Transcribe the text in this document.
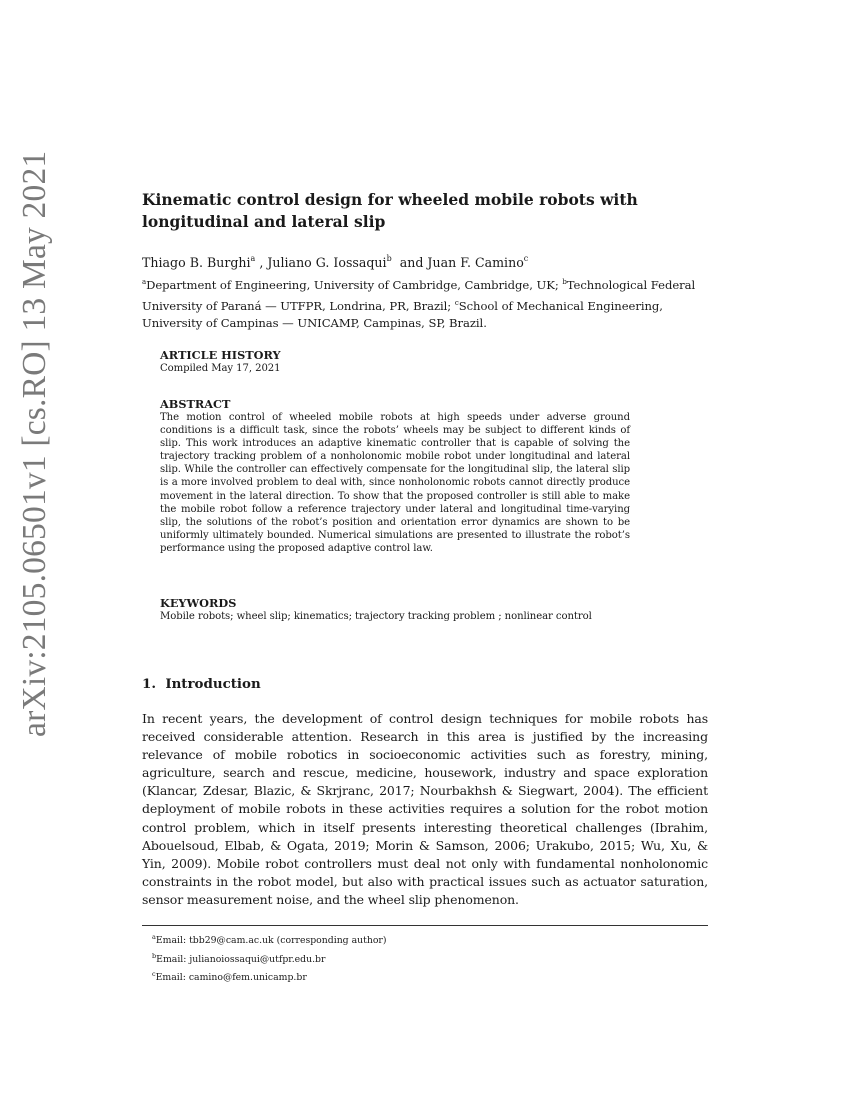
arXiv:2105.06501v1 [cs.RO] 13 May 2021	Kinematic control design for wheeled mobile robots with longitudinal and lateral slip
Thiago B. Burghi$^a$ , Juliano G. Iossaqui$^b$  and Juan F. Camino$^c$
$^a$Department of Engineering, University of Cambridge, Cambridge, UK; $^b$Technological Federal University of Paraná — UTFPR, Londrina, PR, Brazil; $^c$School of Mechanical Engineering, University of Campinas — UNICAMP, Campinas, SP, Brazil.
ARTICLE HISTORY
Compiled May 17, 2021
ABSTRACT
The motion control of wheeled mobile robots at high speeds under adverse ground conditions is a difficult task, since the robots’ wheels may be subject to different kinds of slip. This work introduces an adaptive kinematic controller that is capable of solving the trajectory tracking problem of a nonholonomic mobile robot under longitudinal and lateral slip. While the controller can effectively compensate for the longitudinal slip, the lateral slip is a more involved problem to deal with, since nonholonomic robots cannot directly produce movement in the lateral direction. To show that the proposed controller is still able to make the mobile robot follow a reference trajectory under lateral and longitudinal time-varying slip, the solutions of the robot’s position and orientation error dynamics are shown to be uniformly ultimately bounded. Numerical simulations are presented to illustrate the robot’s performance using the proposed adaptive control law.
KEYWORDS
Mobile robots; wheel slip; kinematics; trajectory tracking problem ; nonlinear control
1. Introduction
In recent years, the development of control design techniques for mobile robots has received considerable attention. Research in this area is justified by the increasing relevance of mobile robotics in socioeconomic activities such as forestry, mining, agriculture, search and rescue, medicine, housework, industry and space exploration (Klancar, Zdesar, Blazic, & Skrjranc, 2017; Nourbakhsh & Siegwart, 2004). The efficient deployment of mobile robots in these activities requires a solution for the robot motion control problem, which in itself presents interesting theoretical challenges (Ibrahim, Abouelsoud, Elbab, & Ogata, 2019; Morin & Samson, 2006; Urakubo, 2015; Wu, Xu, & Yin, 2009). Mobile robot controllers must deal not only with fundamental nonholonomic constraints in the robot model, but also with practical issues such as actuator saturation, sensor measurement noise, and the wheel slip phenomenon.
$^a$Email: tbb29@cam.ac.uk (corresponding author)
$^b$Email: julianoiossaqui@utfpr.edu.br
$^c$Email: camino@fem.unicamp.br
